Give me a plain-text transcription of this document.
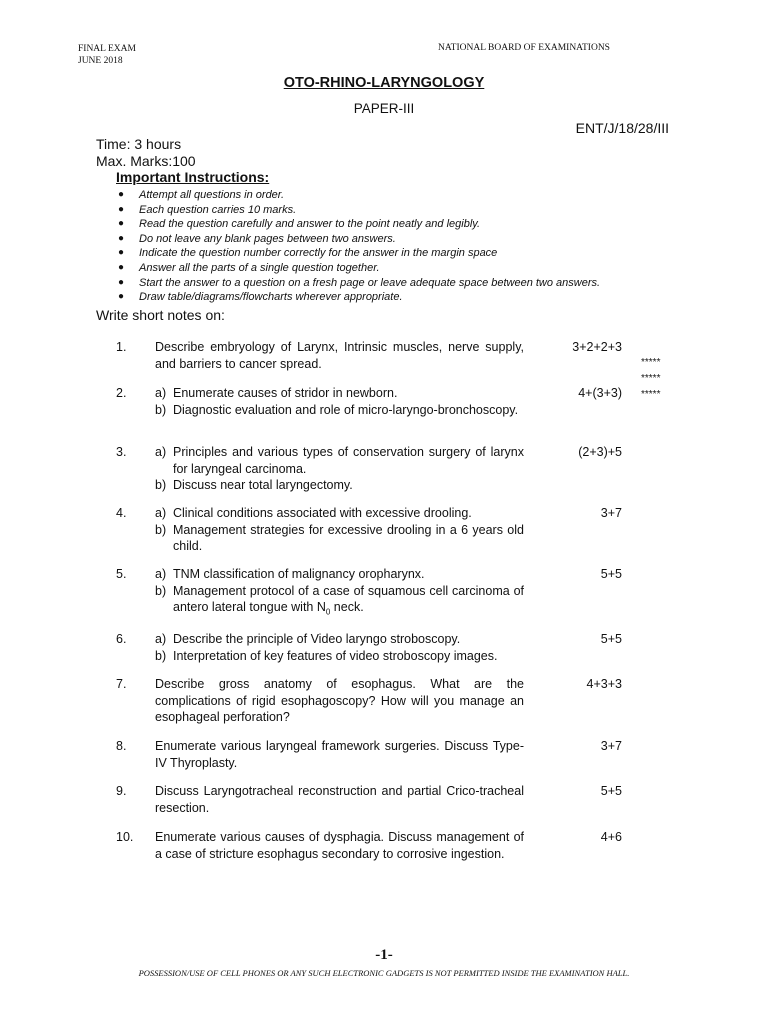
FINAL EXAM
JUNE 2018
NATIONAL BOARD OF EXAMINATIONS
OTO-RHINO-LARYNGOLOGY
PAPER-III
ENT/J/18/28/III
Time: 3 hours
Max. Marks:100
Important Instructions:
● Attempt all questions in order.
● Each question carries 10 marks.
● Read the question carefully and answer to the point neatly and legibly.
● Do not leave any blank pages between two answers.
● Indicate the question number correctly for the answer in the margin space
● Answer all the parts of a single question together.
● Start the answer to a question on a fresh page or leave adequate space between two answers.
● Draw table/diagrams/flowcharts wherever appropriate.
Write short notes on:
*****
*****
*****
1. Describe embryology of Larynx, Intrinsic muscles, nerve supply, and barriers to cancer spread.
3+2+2+3
2. a) Enumerate causes of stridor in newborn.
b) Diagnostic evaluation and role of micro-laryngo-bronchoscopy.
4+(3+3)
3. a) Principles and various types of conservation surgery of larynx for laryngeal carcinoma.
b) Discuss near total laryngectomy.
(2+3)+5
4. a) Clinical conditions associated with excessive drooling.
b) Management strategies for excessive drooling in a 6 years old child.
3+7
5. a) TNM classification of malignancy oropharynx.
b) Management protocol of a case of squamous cell carcinoma of antero lateral tongue with $N_0$ neck.
5+5
6. a) Describe the principle of Video laryngo stroboscopy.
b) Interpretation of key features of video stroboscopy images.
5+5
7. Describe gross anatomy of esophagus. What are the complications of rigid esophagoscopy? How will you manage an esophageal perforation?
4+3+3
8. Enumerate various laryngeal framework surgeries. Discuss Type-IV Thyroplasty.
3+7
9. Discuss Laryngotracheal reconstruction and partial Crico-tracheal resection.
5+5
10. Enumerate various causes of dysphagia. Discuss management of a case of stricture esophagus secondary to corrosive ingestion.
4+6
-1-
POSSESSION/USE OF CELL PHONES OR ANY SUCH ELECTRONIC GADGETS IS NOT PERMITTED INSIDE THE EXAMINATION HALL.
